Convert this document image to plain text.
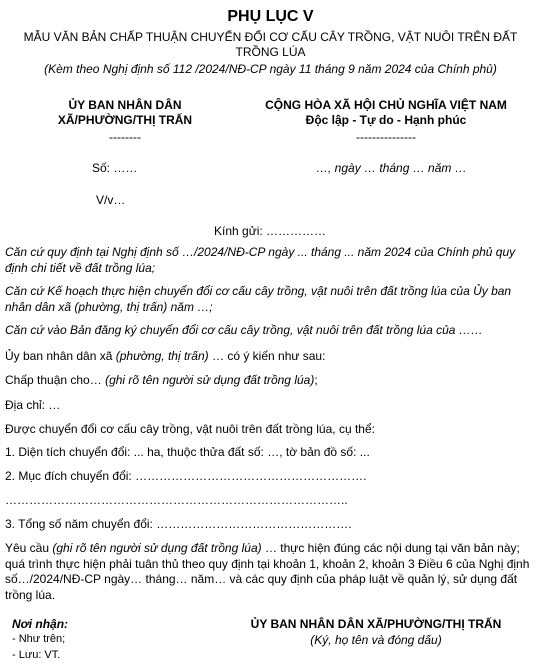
PHỤ LỤC V
MẪU VĂN BẢN CHẤP THUẬN CHUYỂN ĐỔI CƠ CẤU CÂY TRỒNG, VẬT NUÔI TRÊN ĐẤT
TRỒNG LÚA
(Kèm theo Nghị định số 112 /2024/NĐ-CP ngày 11 tháng 9 năm 2024 của Chính phủ)
ỦY BAN NHÂN DÂN
XÃ/PHƯỜNG/THỊ TRẤN
--------
Số: ……
V/v…
CỘNG HÒA XÃ HỘI CHỦ NGHĨA VIỆT NAM
Độc lập - Tự do - Hạnh phúc
---------------
…, ngày … tháng … năm …
Kính gửi: ……………
Căn cứ quy định tại Nghị định số …/2024/NĐ-CP ngày ... tháng ... năm 2024 của Chính phủ quy
định chi tiết về đất trồng lúa;
Căn cứ Kế hoạch thực hiện chuyển đổi cơ cấu cây trồng, vật nuôi trên đất trồng lúa của Ủy ban
nhân dân xã (phường, thị trấn) năm …;
Căn cứ vào Bản đăng ký chuyển đổi cơ cấu cây trồng, vật nuôi trên đất trồng lúa của ……
Ủy ban nhân dân xã (phường, thị trấn) … có ý kiến như sau:
Chấp thuận cho… (ghi rõ tên người sử dụng đất trồng lúa);
Địa chỉ: …
Được chuyển đổi cơ cấu cây trồng, vật nuôi trên đất trồng lúa, cụ thể:
1. Diện tích chuyển đổi: ... ha, thuộc thửa đất số: …, tờ bản đồ số: ...
2. Mục đích chuyển đổi: ………………………………………………….
…………………………………………………………………………..
3. Tổng số năm chuyển đổi: ………………………………………….
Yêu cầu (ghi rõ tên người sử dụng đất trồng lúa) … thực hiện đúng các nội dung tại văn bản này;
quá trình thực hiện phải tuân thủ theo quy định tại khoản 1, khoản 2, khoản 3 Điều 6 của Nghị định
số…/2024/NĐ-CP ngày… tháng… năm… và các quy định của pháp luật về quản lý, sử dụng đất
trồng lúa.
Nơi nhận:
- Như trên;
- Lưu: VT.
ỦY BAN NHÂN DÂN XÃ/PHƯỜNG/THỊ TRẤN
(Ký, họ tên và đóng dấu)
